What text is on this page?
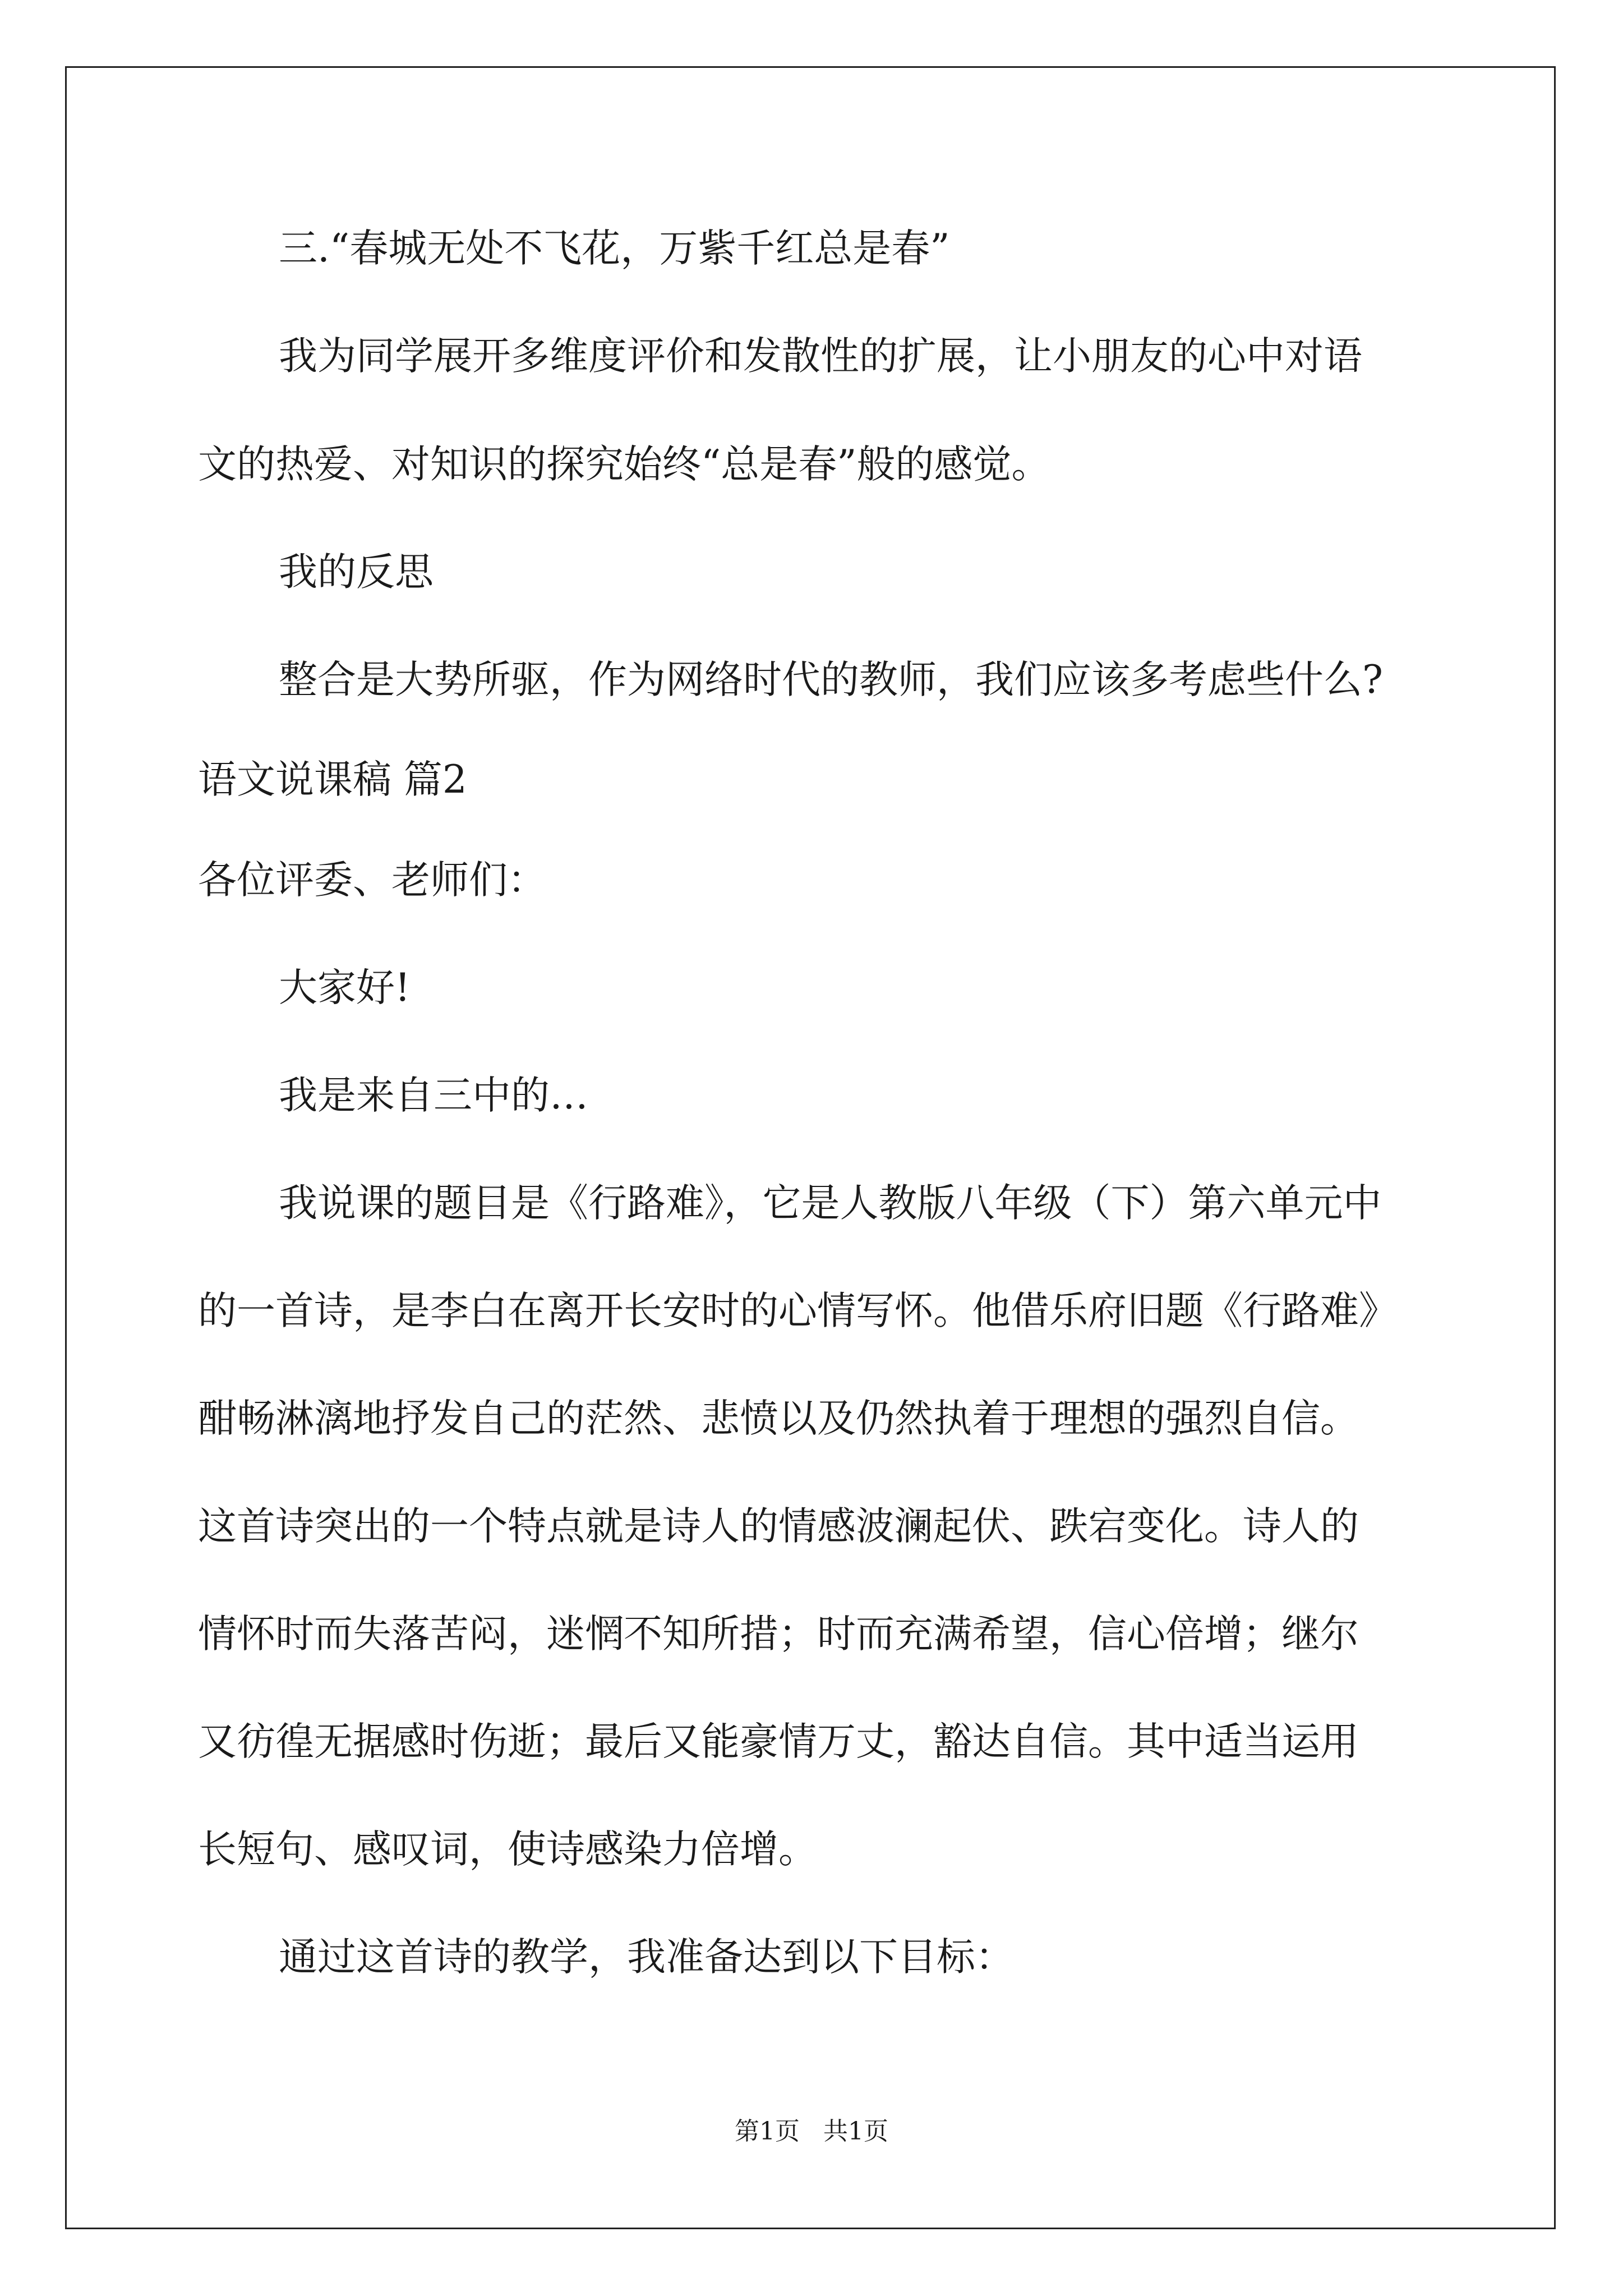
三.“春城无处不飞花，万紫千红总是春”

我为同学展开多维度评价和发散性的扩展，让小朋友的心中对语

文的热爱、对知识的探究始终“总是春”般的感觉。

我的反思

整合是大势所驱，作为网络时代的教师，我们应该多考虑些什么?

语文说课稿 篇2

各位评委、老师们：

大家好!

我是来自三中的…

我说课的题目是《行路难》，它是人教版八年级（下）第六单元中

的一首诗，是李白在离开长安时的心情写怀。他借乐府旧题《行路难》

酣畅淋漓地抒发自己的茫然、悲愤以及仍然执着于理想的强烈自信。

这首诗突出的一个特点就是诗人的情感波澜起伏、跌宕变化。诗人的

情怀时而失落苦闷，迷惘不知所措；时而充满希望，信心倍增；继尔

又彷徨无据感时伤逝；最后又能豪情万丈，豁达自信。其中适当运用

长短句、感叹词，使诗感染力倍增。

通过这首诗的教学，我准备达到以下目标：

第1页   共1页
